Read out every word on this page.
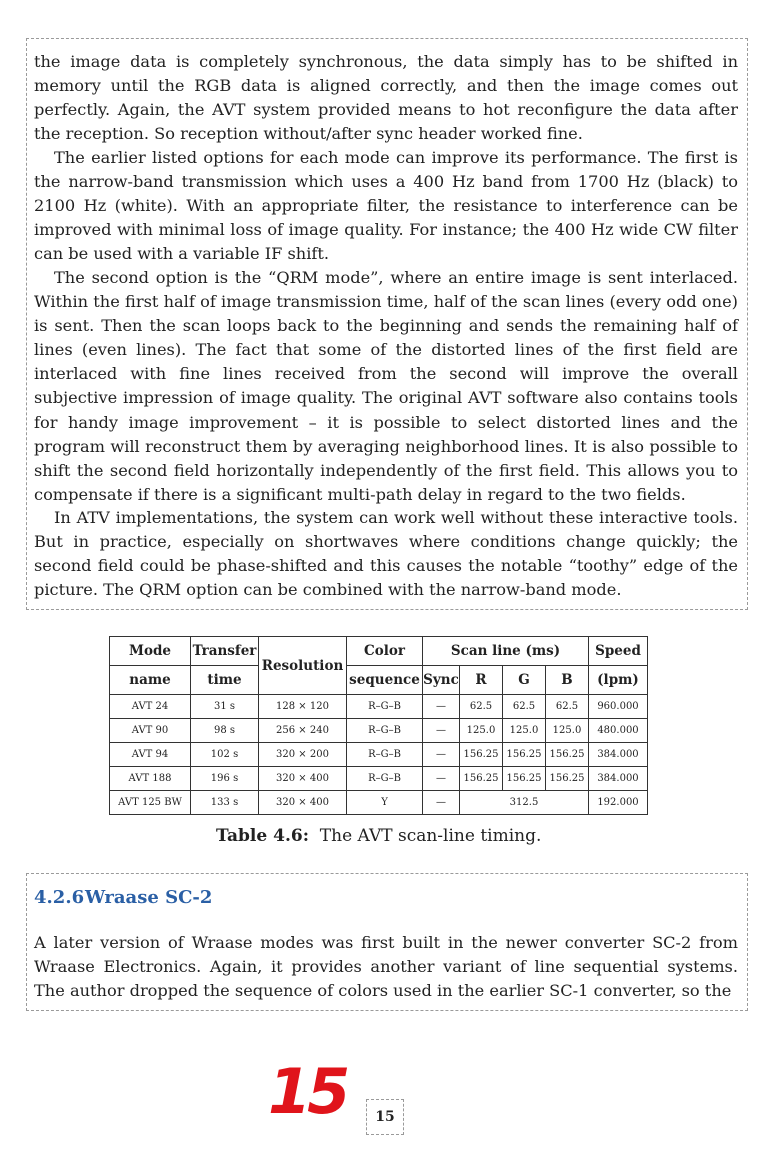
the image data is completely synchronous, the data simply has to be shifted in memory until the RGB data is aligned correctly, and then the image comes out perfectly. Again, the AVT system provided means to hot reconfigure the data after the reception. So reception without/after sync header worked fine.

The earlier listed options for each mode can improve its performance. The first is the narrow-band transmission which uses a 400 Hz band from 1700 Hz (black) to 2100 Hz (white). With an appropriate filter, the resistance to interference can be improved with minimal loss of image quality. For instance; the 400 Hz wide CW filter can be used with a variable IF shift.

The second option is the “QRM mode”, where an entire image is sent interlaced. Within the first half of image transmission time, half of the scan lines (every odd one) is sent. Then the scan loops back to the beginning and sends the remaining half of lines (even lines). The fact that some of the distorted lines of the first field are interlaced with fine lines received from the second will improve the overall subjective impression of image quality. The original AVT software also contains tools for handy image improvement – it is possible to select distorted lines and the program will reconstruct them by averaging neighborhood lines. It is also possible to shift the second field horizontally independently of the first field. This allows you to compensate if there is a significant multi-path delay in regard to the two fields.

In ATV implementations, the system can work well without these interactive tools. But in practice, especially on shortwaves where conditions change quickly; the second field could be phase-shifted and this causes the notable “toothy” edge of the picture. The QRM option can be combined with the narrow-band mode.

Mode	Transfer	Resolution	Color	Scan line (ms)				Speed
name	time		sequence	Sync	R	G	B	(lpm)
AVT 24	31 s	128 × 120	R–G–B	—	62.5	62.5	62.5	960.000
AVT 90	98 s	256 × 240	R–G–B	—	125.0	125.0	125.0	480.000
AVT 94	102 s	320 × 200	R–G–B	—	156.25	156.25	156.25	384.000
AVT 188	196 s	320 × 400	R–G–B	—	156.25	156.25	156.25	384.000
AVT 125 BW	133 s	320 × 400	Y	—	312.5			192.000

Table 4.6: The AVT scan-line timing.

4.2.6Wraase SC-2

A later version of Wraase modes was first built in the newer converter SC-2 from Wraase Electronics. Again, it provides another variant of line sequential systems. The author dropped the sequence of colors used in the earlier SC-1 converter, so the

15	15
